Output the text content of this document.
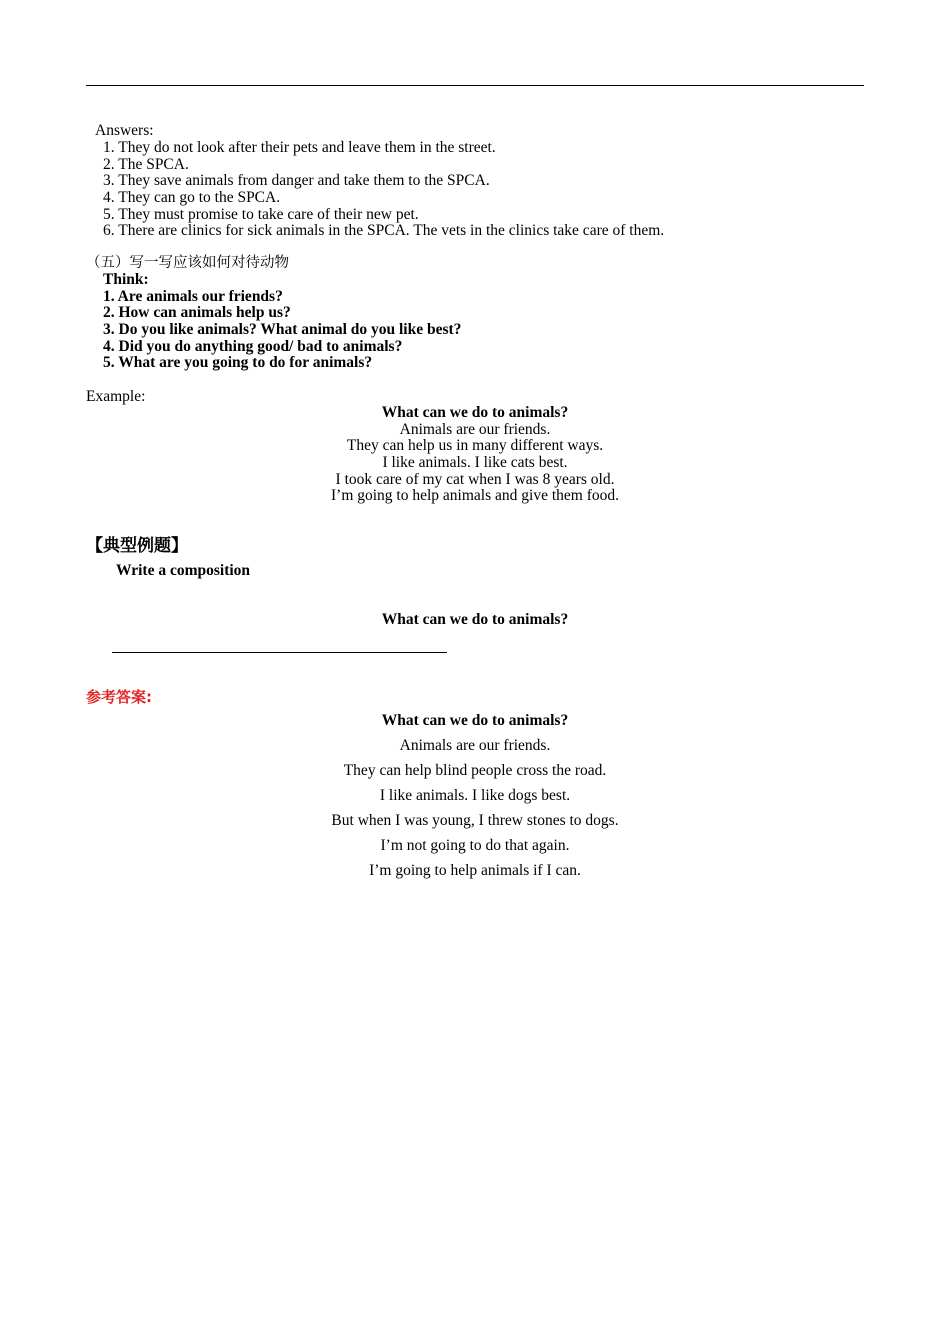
Answers:
1. They do not look after their pets and leave them in the street.
2. The SPCA.
3. They save animals from danger and take them to the SPCA.
4. They can go to the SPCA.
5. They must promise to take care of their new pet.
6. There are clinics for sick animals in the SPCA. The vets in the clinics take care of them.
（五）写一写应该如何对待动物
Think:
1. Are animals our friends?
2. How can animals help us?
3. Do you like animals? What animal do you like best?
4. Did you do anything good/ bad to animals?
5. What are you going to do for animals?
Example:
What can we do to animals?
Animals are our friends.
They can help us in many different ways.
I like animals. I like cats best.
I took care of my cat when I was 8 years old.
I’m going to help animals and give them food.
【典型例题】
Write a composition
What can we do to animals?
参考答案:
What can we do to animals?
Animals are our friends.
They can help blind people cross the road.
I like animals. I like dogs best.
But when I was young, I threw stones to dogs.
I’m not going to do that again.
I’m going to help animals if I can.
